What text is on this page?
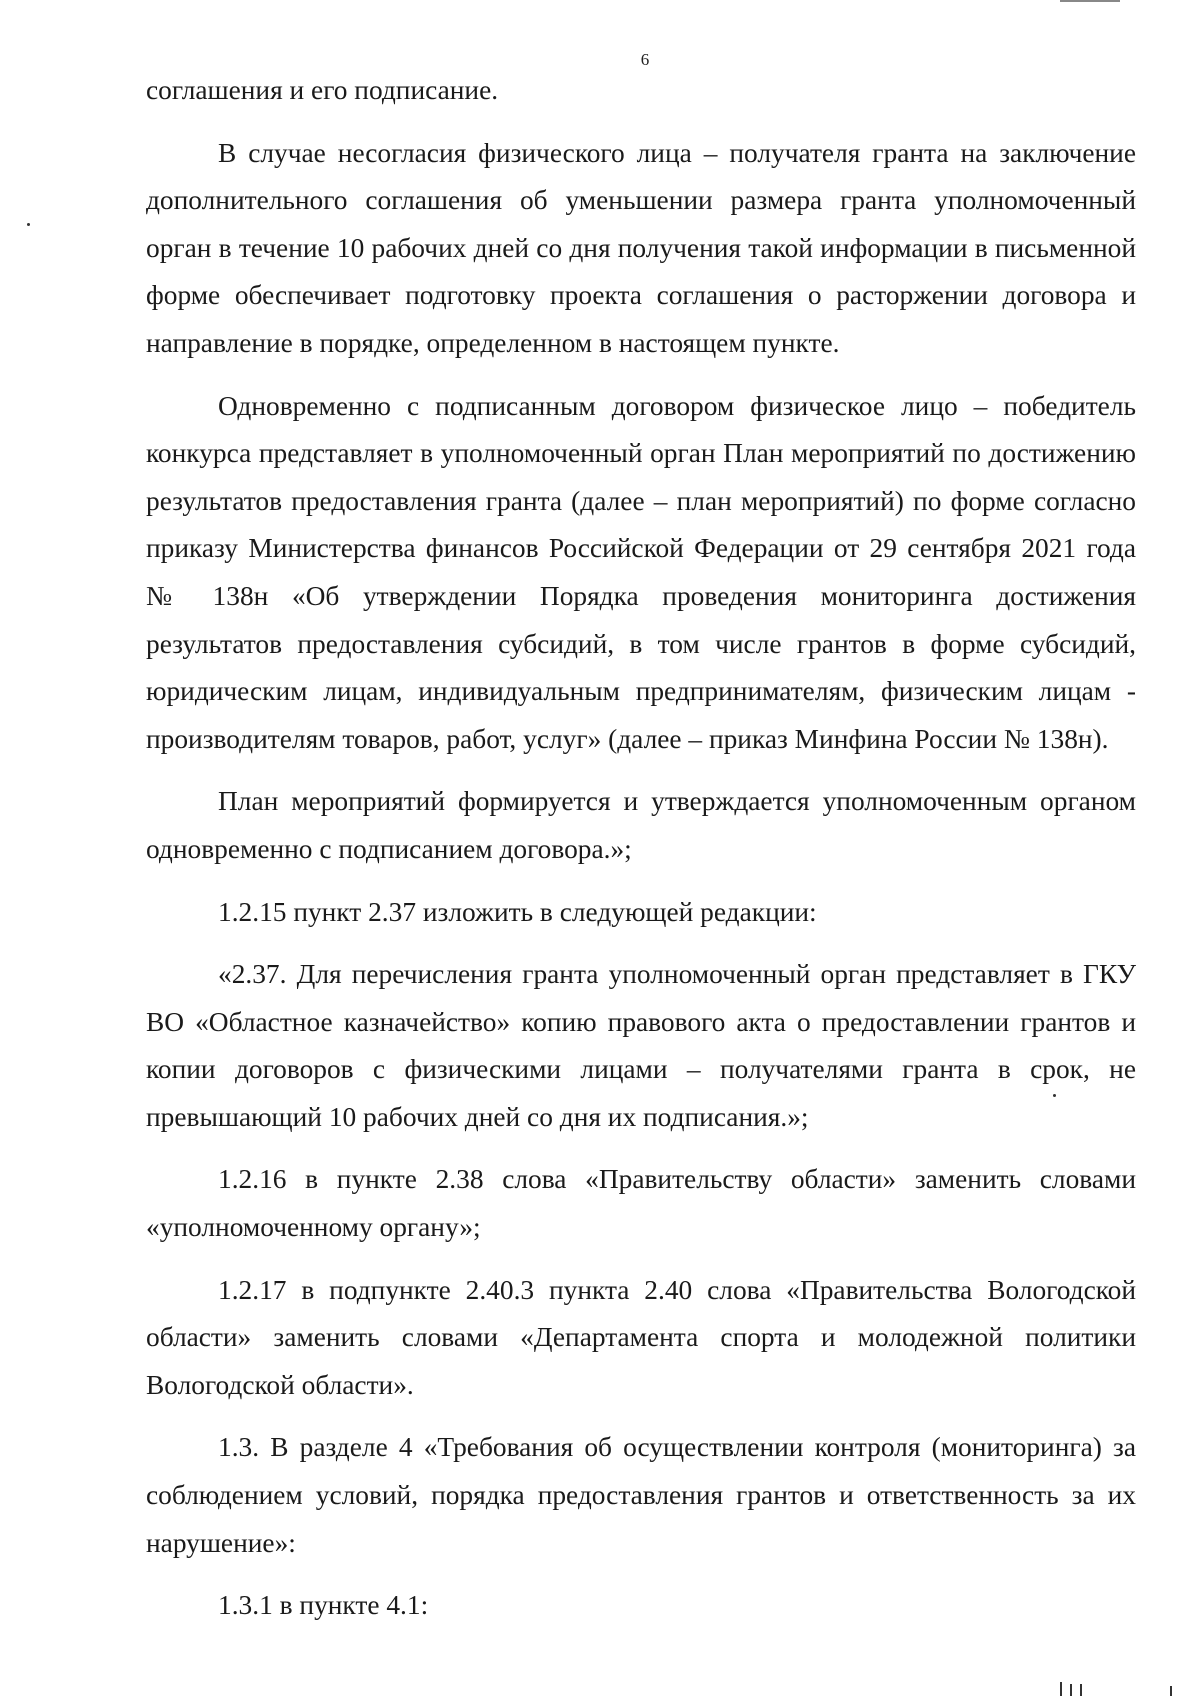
6

соглашения и его подписание.

В случае несогласия физического лица – получателя гранта на заключение дополнительного соглашения об уменьшении размера гранта уполномоченный орган в течение 10 рабочих дней со дня получения такой информации в письменной форме обеспечивает подготовку проекта соглашения о расторжении договора и направление в порядке, определенном в настоящем пункте.

Одновременно с подписанным договором физическое лицо – победитель конкурса представляет в уполномоченный орган План мероприятий по достижению результатов предоставления гранта (далее – план мероприятий) по форме согласно приказу Министерства финансов Российской Федерации от 29 сентября 2021 года № 138н «Об утверждении Порядка проведения мониторинга достижения результатов предоставления субсидий, в том числе грантов в форме субсидий, юридическим лицам, индивидуальным предпринимателям, физическим лицам - производителям товаров, работ, услуг» (далее – приказ Минфина России № 138н).

План мероприятий формируется и утверждается уполномоченным органом одновременно с подписанием договора.»;

1.2.15 пункт 2.37 изложить в следующей редакции:

«2.37. Для перечисления гранта уполномоченный орган представляет в ГКУ ВО «Областное казначейство» копию правового акта о предоставлении грантов и копии договоров с физическими лицами – получателями гранта в срок, не превышающий 10 рабочих дней со дня их подписания.»;

1.2.16 в пункте 2.38 слова «Правительству области» заменить словами «уполномоченному органу»;

1.2.17 в подпункте 2.40.3 пункта 2.40 слова «Правительства Вологодской области» заменить словами «Департамента спорта и молодежной политики Вологодской области».

1.3. В разделе 4 «Требования об осуществлении контроля (мониторинга) за соблюдением условий, порядка предоставления грантов и ответственность за их нарушение»:

1.3.1 в пункте 4.1:
